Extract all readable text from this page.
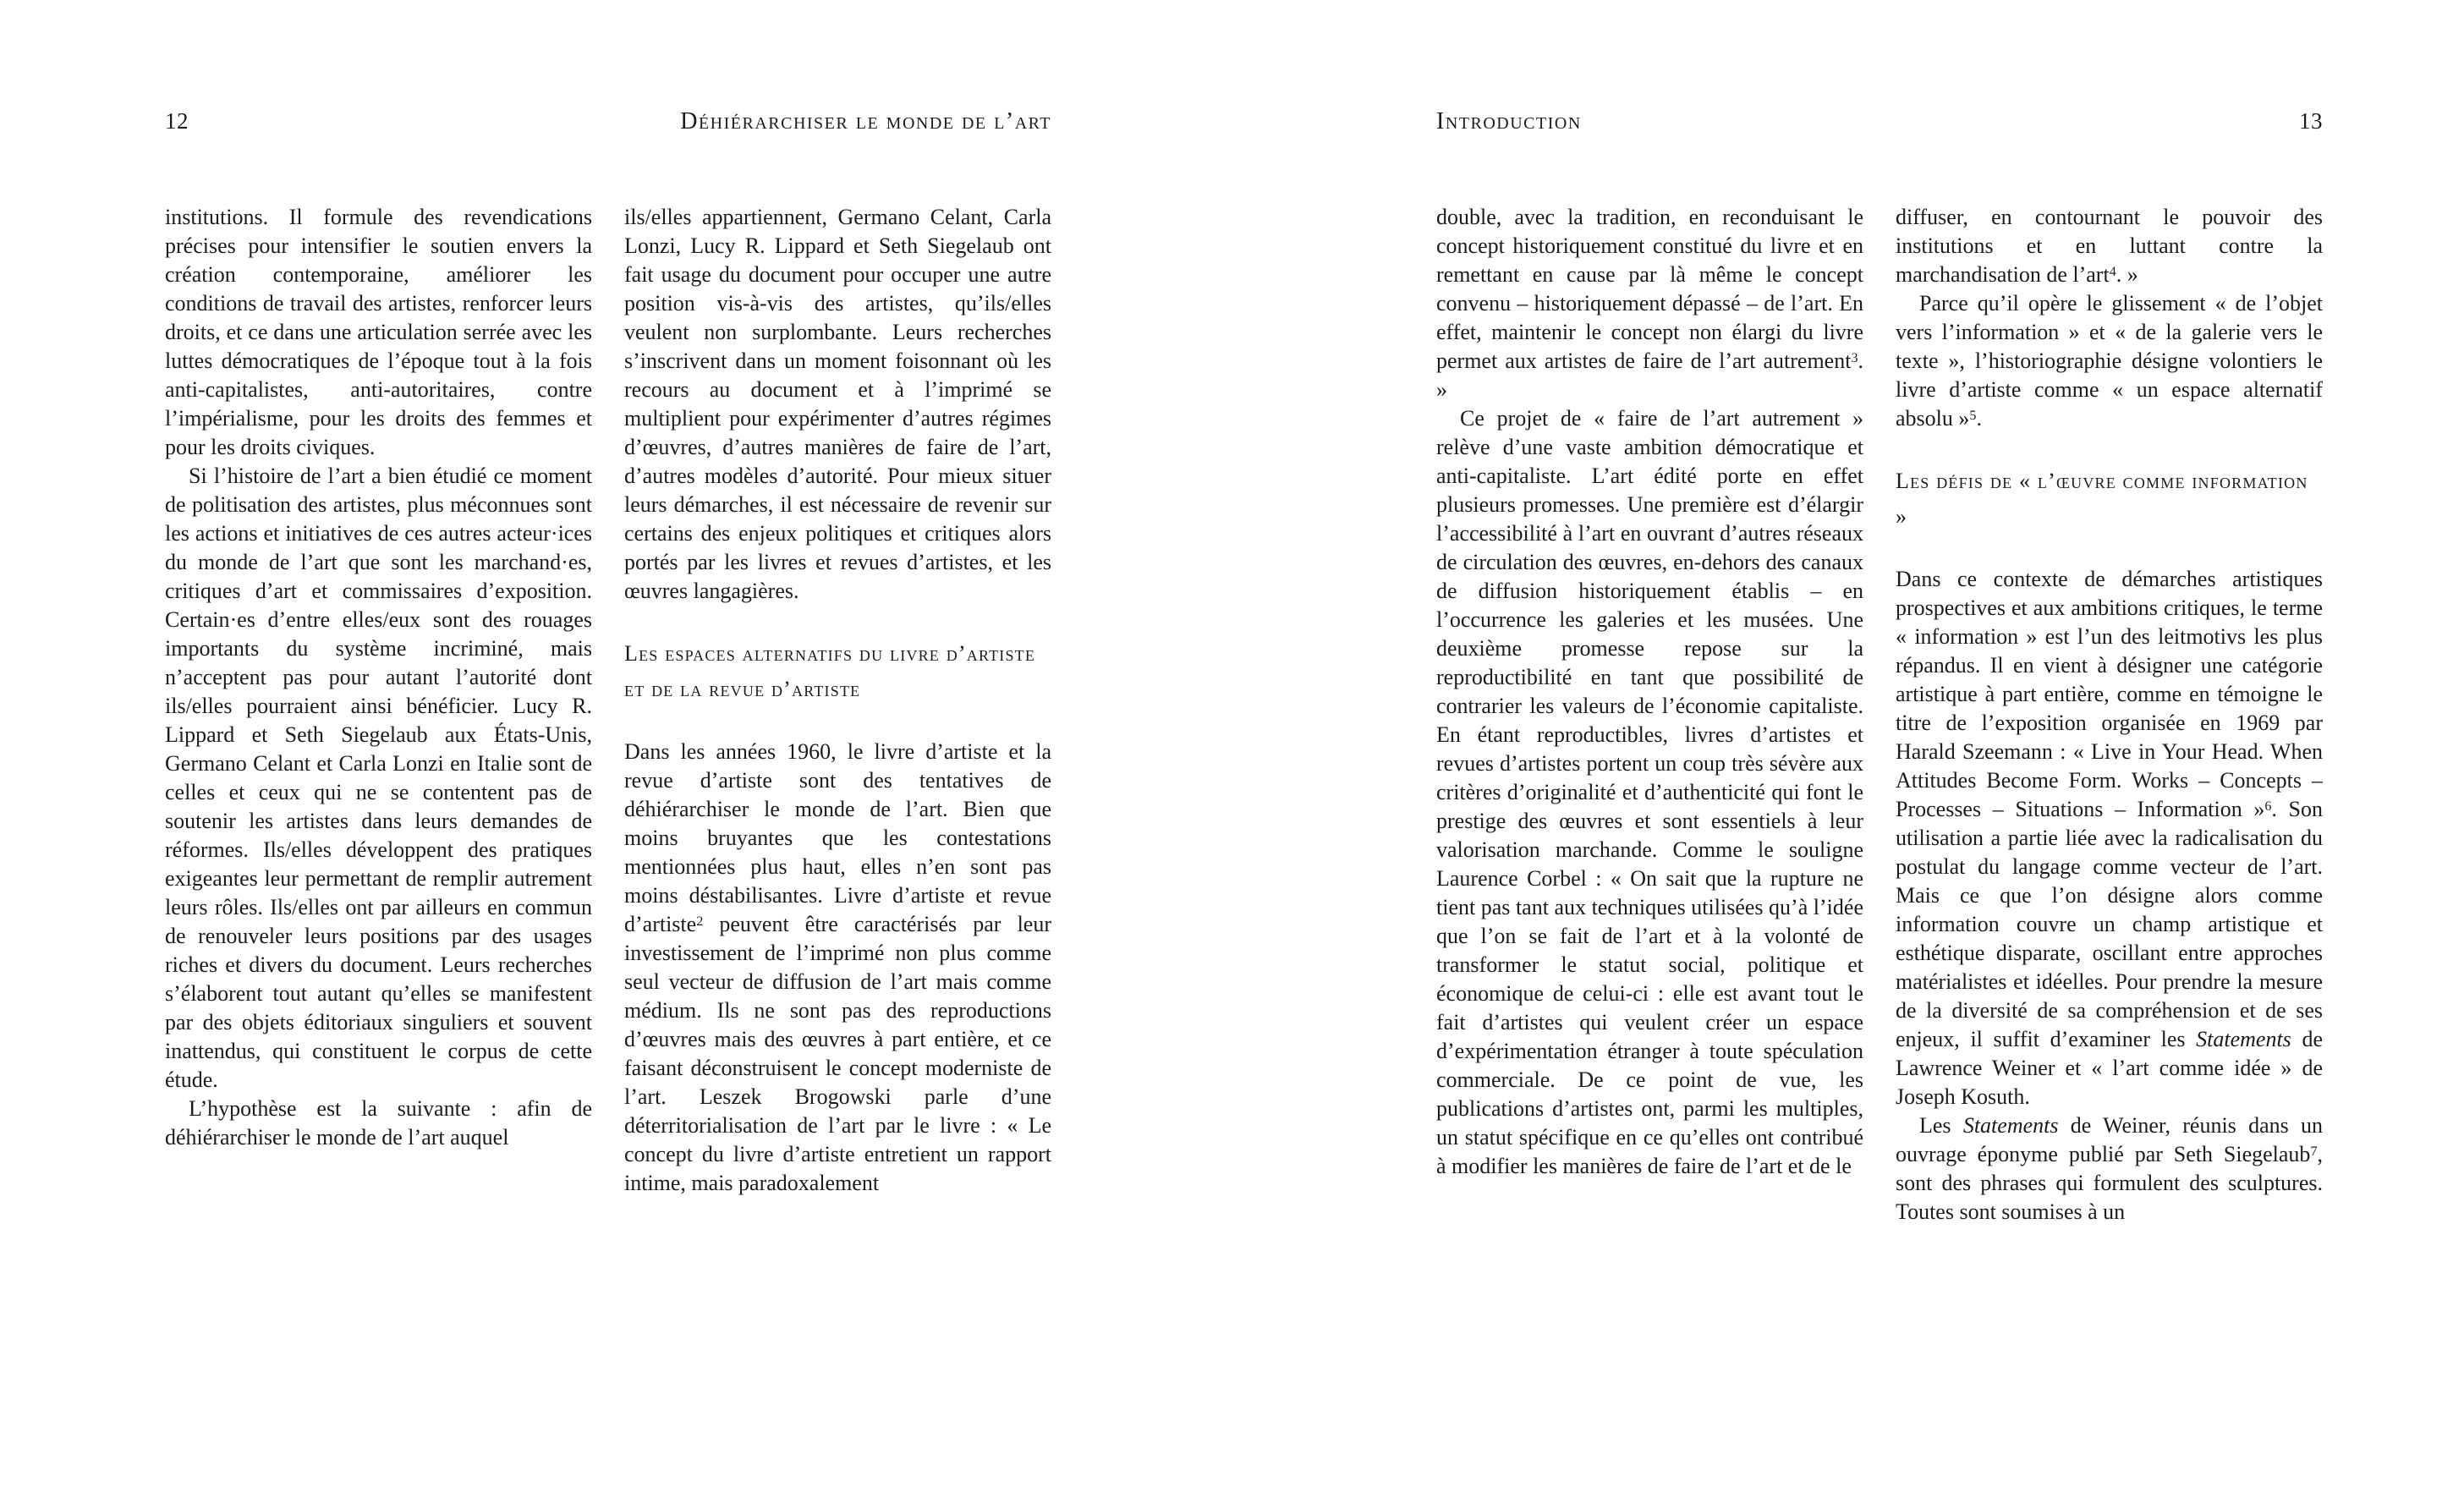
12	Déhiérarchiser le monde de l’art

institutions. Il formule des revendications précises pour intensifier le soutien envers la création contemporaine, améliorer les conditions de travail des artistes, renforcer leurs droits, et ce dans une articulation serrée avec les luttes démocratiques de l’époque tout à la fois anti-capitalistes, anti-autoritaires, contre l’impérialisme, pour les droits des femmes et pour les droits civiques.

Si l’histoire de l’art a bien étudié ce moment de politisation des artistes, plus méconnues sont les actions et initiatives de ces autres acteur·ices du monde de l’art que sont les marchand·es, critiques d’art et commissaires d’exposition. Certain·es d’entre elles/eux sont des rouages importants du système incriminé, mais n’acceptent pas pour autant l’autorité dont ils/elles pourraient ainsi bénéficier. Lucy R. Lippard et Seth Siegelaub aux États-Unis, Germano Celant et Carla Lonzi en Italie sont de celles et ceux qui ne se contentent pas de soutenir les artistes dans leurs demandes de réformes. Ils/elles développent des pratiques exigeantes leur permettant de remplir autrement leurs rôles. Ils/elles ont par ailleurs en commun de renouveler leurs positions par des usages riches et divers du document. Leurs recherches s’élaborent tout autant qu’elles se manifestent par des objets éditoriaux singuliers et souvent inattendus, qui constituent le corpus de cette étude.

L’hypothèse est la suivante : afin de déhiérarchiser le monde de l’art auquel

ils/elles appartiennent, Germano Celant, Carla Lonzi, Lucy R. Lippard et Seth Siegelaub ont fait usage du document pour occuper une autre position vis-à-vis des artistes, qu’ils/elles veulent non surplombante. Leurs recherches s’inscrivent dans un moment foisonnant où les recours au document et à l’imprimé se multiplient pour expérimenter d’autres régimes d’œuvres, d’autres manières de faire de l’art, d’autres modèles d’autorité. Pour mieux situer leurs démarches, il est nécessaire de revenir sur certains des enjeux politiques et critiques alors portés par les livres et revues d’artistes, et les œuvres langagières.

Les espaces alternatifs du livre d’artiste et de la revue d’artiste

Dans les années 1960, le livre d’artiste et la revue d’artiste sont des tentatives de déhiérarchiser le monde de l’art. Bien que moins bruyantes que les contestations mentionnées plus haut, elles n’en sont pas moins déstabilisantes. Livre d’artiste et revue d’artiste$^2$ peuvent être caractérisés par leur investissement de l’imprimé non plus comme seul vecteur de diffusion de l’art mais comme médium. Ils ne sont pas des reproductions d’œuvres mais des œuvres à part entière, et ce faisant déconstruisent le concept moderniste de l’art. Leszek Brogowski parle d’une déterritorialisation de l’art par le livre : « Le concept du livre d’artiste entretient un rapport intime, mais paradoxalement

Introduction	13

double, avec la tradition, en reconduisant le concept historiquement constitué du livre et en remettant en cause par là même le concept convenu – historiquement dépassé – de l’art. En effet, maintenir le concept non élargi du livre permet aux artistes de faire de l’art autrement$^3$. »

Ce projet de « faire de l’art autrement » relève d’une vaste ambition démocratique et anti-capitaliste. L’art édité porte en effet plusieurs promesses. Une première est d’élargir l’accessibilité à l’art en ouvrant d’autres réseaux de circulation des œuvres, en-dehors des canaux de diffusion historiquement établis – en l’occurrence les galeries et les musées. Une deuxième promesse repose sur la reproductibilité en tant que possibilité de contrarier les valeurs de l’économie capitaliste. En étant reproductibles, livres d’artistes et revues d’artistes portent un coup très sévère aux critères d’originalité et d’authenticité qui font le prestige des œuvres et sont essentiels à leur valorisation marchande. Comme le souligne Laurence Corbel : « On sait que la rupture ne tient pas tant aux techniques utilisées qu’à l’idée que l’on se fait de l’art et à la volonté de transformer le statut social, politique et économique de celui-ci : elle est avant tout le fait d’artistes qui veulent créer un espace d’expérimentation étranger à toute spéculation commerciale. De ce point de vue, les publications d’artistes ont, parmi les multiples, un statut spécifique en ce qu’elles ont contribué à modifier les manières de faire de l’art et de le

diffuser, en contournant le pouvoir des institutions et en luttant contre la marchandisation de l’art$^4$. »

Parce qu’il opère le glissement « de l’objet vers l’information » et « de la galerie vers le texte », l’historiographie désigne volontiers le livre d’artiste comme « un espace alternatif absolu »$^5$.

Les défis de « l’œuvre comme information »

Dans ce contexte de démarches artistiques prospectives et aux ambitions critiques, le terme « information » est l’un des leitmotivs les plus répandus. Il en vient à désigner une catégorie artistique à part entière, comme en témoigne le titre de l’exposition organisée en 1969 par Harald Szeemann : « Live in Your Head. When Attitudes Become Form. Works – Concepts – Processes – Situations – Information »$^6$. Son utilisation a partie liée avec la radicalisation du postulat du langage comme vecteur de l’art. Mais ce que l’on désigne alors comme information couvre un champ artistique et esthétique disparate, oscillant entre approches matérialistes et idéelles. Pour prendre la mesure de la diversité de sa compréhension et de ses enjeux, il suffit d’examiner les Statements de Lawrence Weiner et « l’art comme idée » de Joseph Kosuth.

Les Statements de Weiner, réunis dans un ouvrage éponyme publié par Seth Siegelaub$^7$, sont des phrases qui formulent des sculptures. Toutes sont soumises à un
